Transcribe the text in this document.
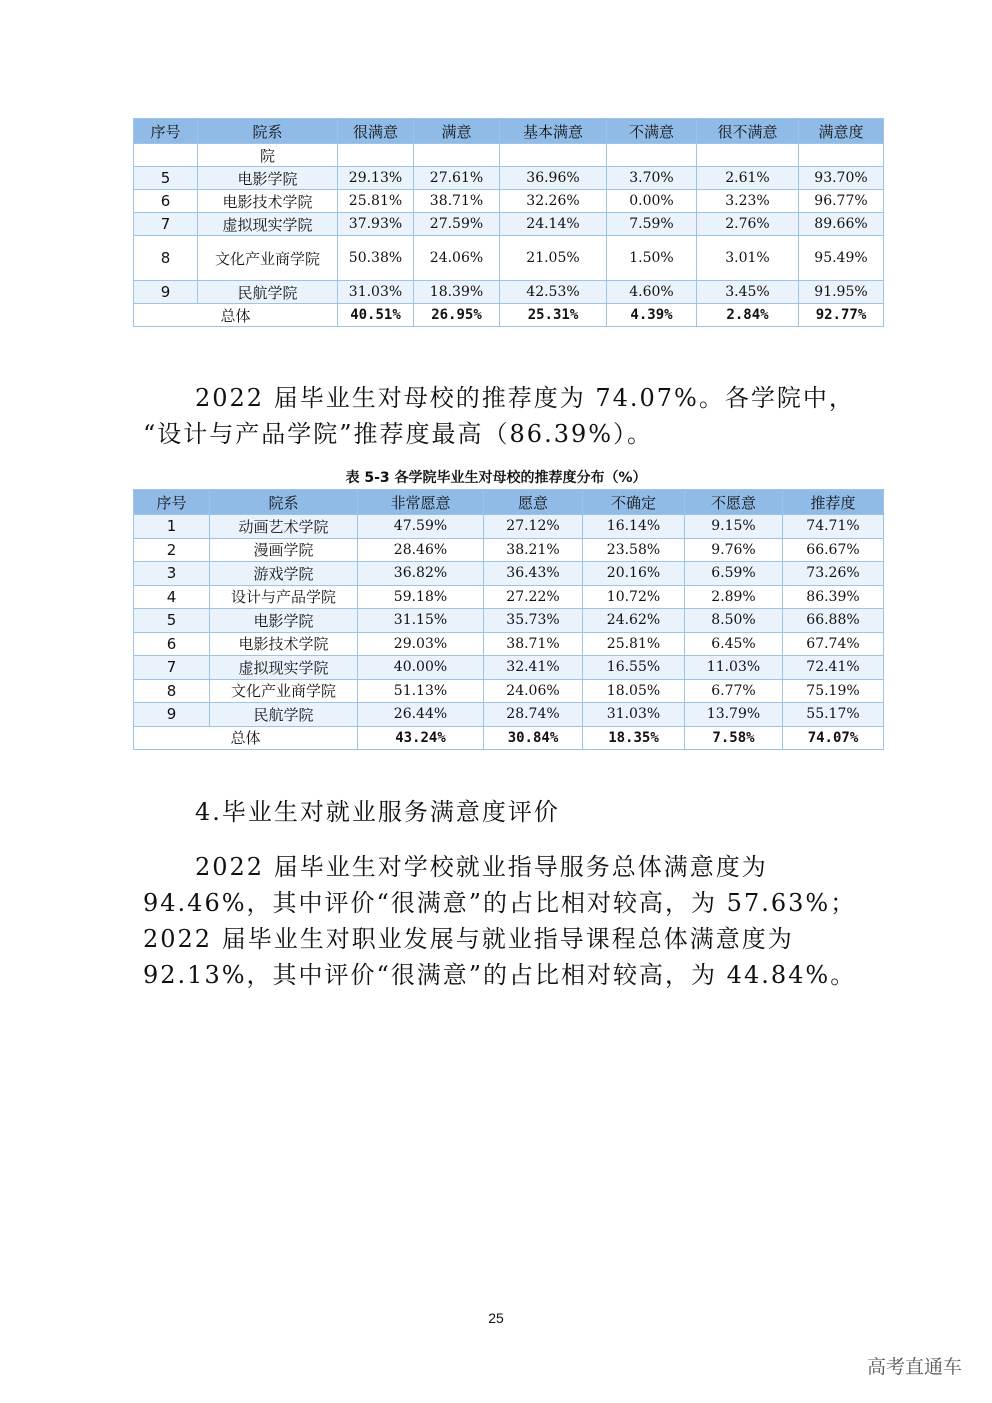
序号	院系	很满意	满意	基本满意	不满意	很不满意	满意度
	院						
5	电影学院	29.13%	27.61%	36.96%	3.70%	2.61%	93.70%
6	电影技术学院	25.81%	38.71%	32.26%	0.00%	3.23%	96.77%
7	虚拟现实学院	37.93%	27.59%	24.14%	7.59%	2.76%	89.66%
8	文化产业商学院	50.38%	24.06%	21.05%	1.50%	3.01%	95.49%
9	民航学院	31.03%	18.39%	42.53%	4.60%	3.45%	91.95%
总体		40.51%	26.95%	25.31%	4.39%	2.84%	92.77%
2022 届毕业生对母校的推荐度为 74.07%。各学院中，
“设计与产品学院”推荐度最高（86.39%）。
表 5-3 各学院毕业生对母校的推荐度分布（%）
序号	院系	非常愿意	愿意	不确定	不愿意	推荐度
1	动画艺术学院	47.59%	27.12%	16.14%	9.15%	74.71%
2	漫画学院	28.46%	38.21%	23.58%	9.76%	66.67%
3	游戏学院	36.82%	36.43%	20.16%	6.59%	73.26%
4	设计与产品学院	59.18%	27.22%	10.72%	2.89%	86.39%
5	电影学院	31.15%	35.73%	24.62%	8.50%	66.88%
6	电影技术学院	29.03%	38.71%	25.81%	6.45%	67.74%
7	虚拟现实学院	40.00%	32.41%	16.55%	11.03%	72.41%
8	文化产业商学院	51.13%	24.06%	18.05%	6.77%	75.19%
9	民航学院	26.44%	28.74%	31.03%	13.79%	55.17%
总体		43.24%	30.84%	18.35%	7.58%	74.07%
4.毕业生对就业服务满意度评价
2022 届毕业生对学校就业指导服务总体满意度为
94.46%，其中评价“很满意”的占比相对较高，为 57.63%；
2022 届毕业生对职业发展与就业指导课程总体满意度为
92.13%，其中评价“很满意”的占比相对较高，为 44.84%。
25
高考直通车
